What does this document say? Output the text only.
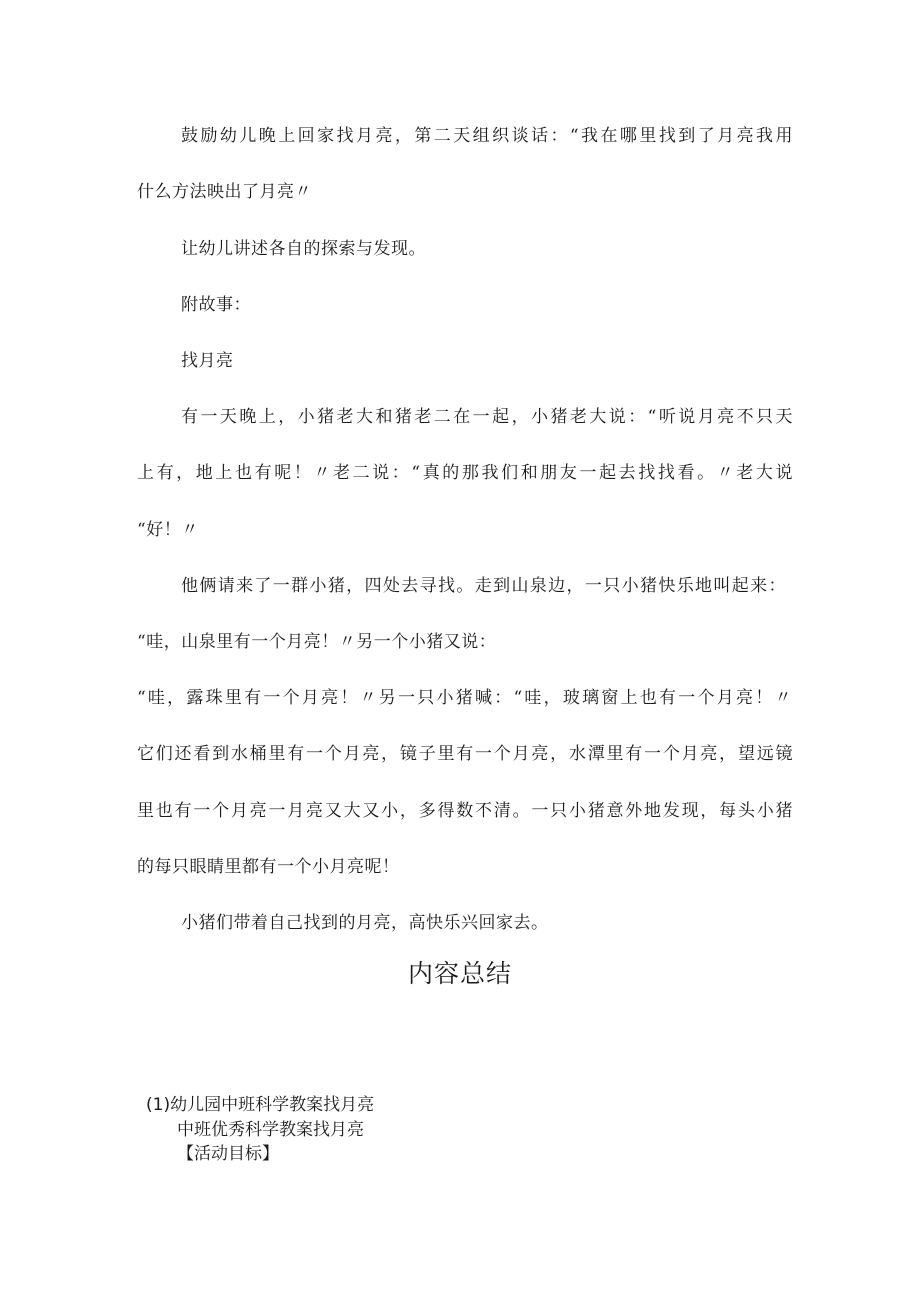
鼓励幼儿晚上回家找月亮，第二天组织谈话：“我在哪里找到了月亮我用
什么方法映出了月亮〃
让幼儿讲述各自的探索与发现。
附故事：
找月亮
有一天晚上，小猪老大和猪老二在一起，小猪老大说：“听说月亮不只天
上有，地上也有呢！〃老二说：“真的那我们和朋友一起去找找看。〃老大说
“好！〃
他俩请来了一群小猪，四处去寻找。走到山泉边，一只小猪快乐地叫起来：
“哇，山泉里有一个月亮！〃另一个小猪又说：
“哇，露珠里有一个月亮！〃另一只小猪喊：“哇，玻璃窗上也有一个月亮！〃
它们还看到水桶里有一个月亮，镜子里有一个月亮，水潭里有一个月亮，望远镜
里也有一个月亮一月亮又大又小，多得数不清。一只小猪意外地发现，每头小猪
的每只眼睛里都有一个小月亮呢！
小猪们带着自己找到的月亮，高快乐兴回家去。
内容总结
(1)幼儿园中班科学教案找月亮
中班优秀科学教案找月亮
【活动目标】
